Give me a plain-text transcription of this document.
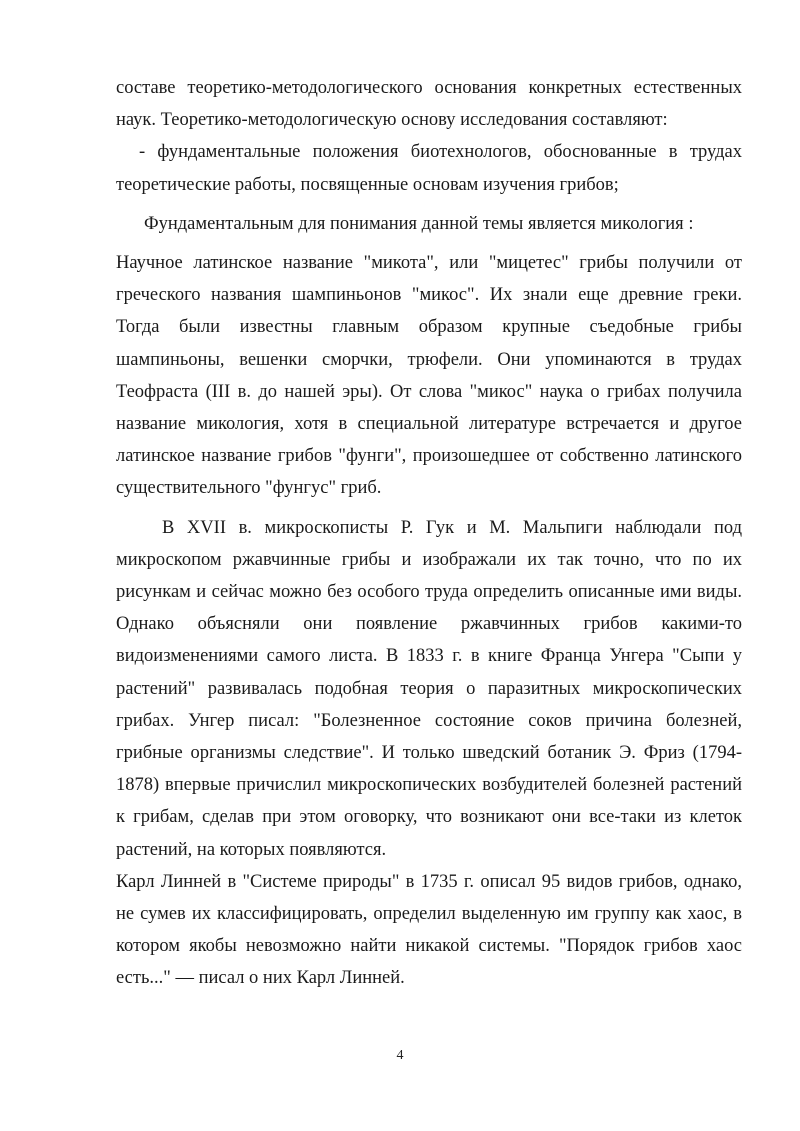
составе теоретико-методологического основания конкретных естественных наук. Теоретико-методологическую основу исследования составляют:

- фундаментальные положения биотехнологов, обоснованные в трудах теоретические работы, посвященные основам изучения грибов;

Фундаментальным для понимания данной темы является микология :

Научное латинское название "микота", или "мицетес" грибы получили от греческого названия шампиньонов "микос". Их знали еще древние греки. Тогда были известны главным образом крупные съедобные грибы шампиньоны, вешенки сморчки, трюфели. Они упоминаются в трудах Теофраста (III в. до нашей эры). От слова "микос" наука о грибах получила название микология, хотя в специальной литературе встречается и другое латинское название грибов "фунги", произошедшее от собственно латинского существительного "фунгус" гриб.

В XVII в. микроскописты Р. Гук и М. Мальпиги наблюдали под микроскопом ржавчинные грибы и изображали их так точно, что по их рисункам и сейчас можно без особого труда определить описанные ими виды. Однако объясняли они появление ржавчинных грибов какими-то видоизменениями самого листа. В 1833 г. в книге Франца Унгера "Сыпи у растений" развивалась подобная теория о паразитных микроскопических грибах. Унгер писал: "Болезненное состояние соков причина болезней, грибные организмы следствие". И только шведский ботаник Э. Фриз (1794-1878) впервые причислил микроскопических возбудителей болезней растений к грибам, сделав при этом оговорку, что возникают они все-таки из клеток растений, на которых появляются.

Карл Линней в "Системе природы" в 1735 г. описал 95 видов грибов, однако, не сумев их классифицировать, определил выделенную им группу как хаос, в котором якобы невозможно найти никакой системы. "Порядок грибов хаос есть..." — писал о них Карл Линней.

4
